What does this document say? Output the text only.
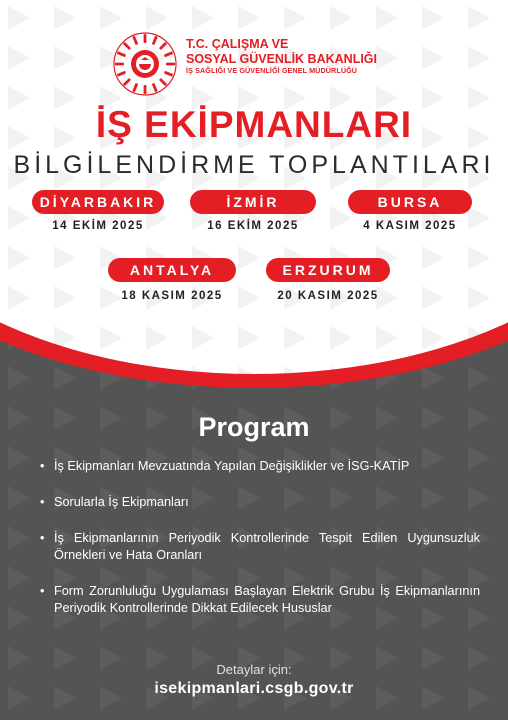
T.C. ÇALIŞMA VE
SOSYAL GÜVENLİK BAKANLIĞI
İŞ SAĞLIĞI VE GÜVENLİĞİ GENEL MÜDÜRLÜĞÜ
İŞ EKİPMANLARI
BİLGİLENDİRME TOPLANTILARI
DİYARBAKIR
14 EKİM 2025
İZMİR
16 EKİM 2025
BURSA
4 KASIM 2025
ANTALYA
18 KASIM 2025
ERZURUM
20 KASIM 2025
Program
• İş Ekipmanları Mevzuatında Yapılan Değişiklikler ve İSG-KATİP
• Sorularla İş Ekipmanları
• İş Ekipmanlarının Periyodik Kontrollerinde Tespit Edilen Uygunsuzluk Örnekleri ve Hata Oranları
• Form Zorunluluğu Uygulaması Başlayan Elektrik Grubu İş Ekipmanlarının Periyodik Kontrollerinde Dikkat Edilecek Hususlar
Detaylar için:
isekipmanlari.csgb.gov.tr
